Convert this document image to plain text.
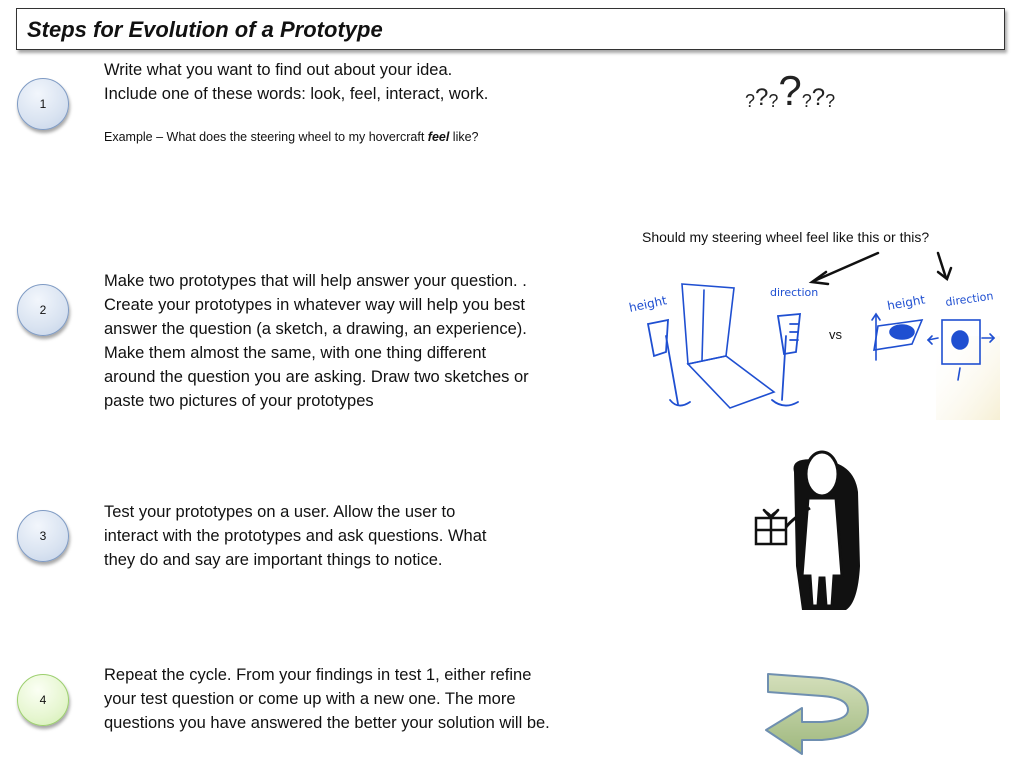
Steps for Evolution of a Prototype
1
2
3
4
Write what you want to find out about your idea.
Include one of these words: look, feel, interact, work.
Example – What does the steering wheel to my hovercraft feel like?
Make two prototypes that will help answer your question. .
Create your prototypes in whatever way will help you best
answer the question (a sketch, a drawing, an experience).
Make them almost the same, with one thing different
around the question you are asking. Draw two sketches or
paste two pictures of your prototypes
Test your prototypes on a user. Allow the user to
interact with the prototypes and ask questions. What
they do and say are important things to notice.
Repeat the cycle. From your findings in test 1, either refine
your test question or come up with a new one. The more
questions you have answered the better your solution will be.
? ? ? ? ? ? ?
Should my steering wheel feel like this or this?
height
direction
height direction
vs
